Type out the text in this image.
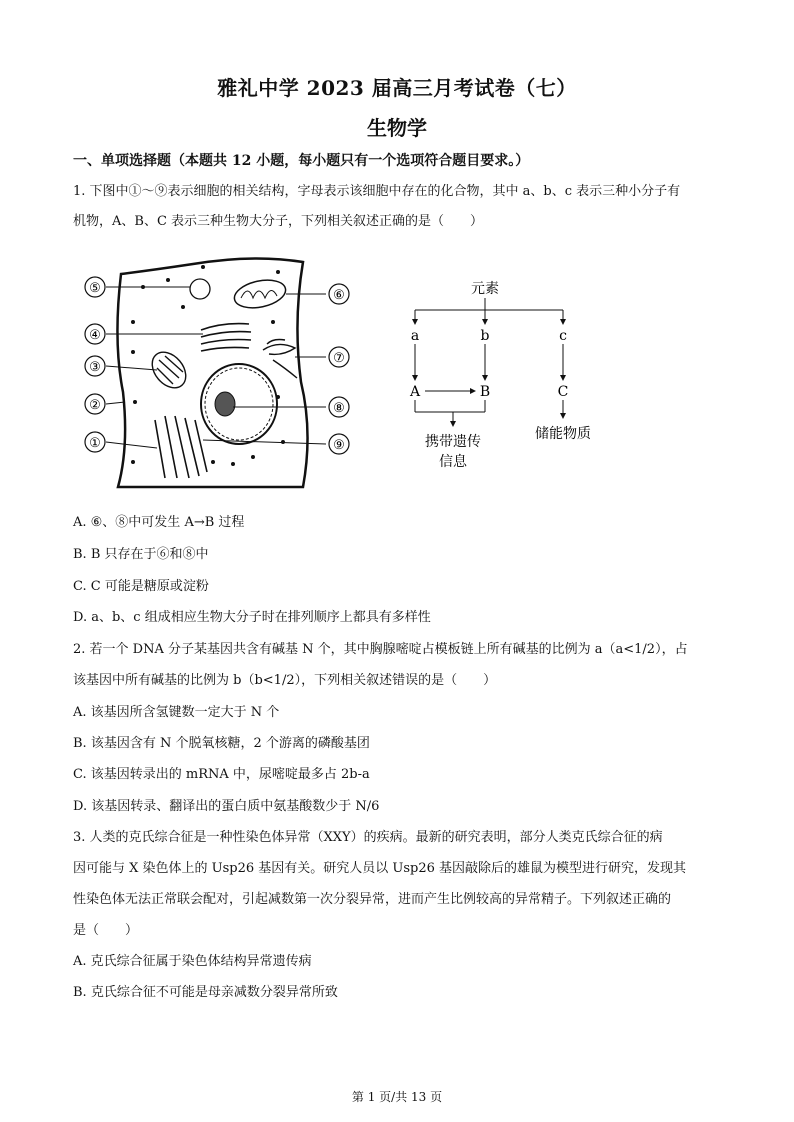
雅礼中学 2023 届高三月考试卷（七）
生物学
一、单项选择题（本题共 12 小题，每小题只有一个选项符合题目要求。）
1. 下图中①～⑨表示细胞的相关结构，字母表示该细胞中存在的化合物，其中 a、b、c 表示三种小分子有
机物，A、B、C 表示三种生物大分子，下列相关叙述正确的是（　　）
⑤
④
③
②
①
⑥
⑦
⑧
⑨
元素
a	b	c
A	B	C
携带遗传
信息
储能物质
A. ⑥、⑧中可发生 A→B 过程
B. B 只存在于⑥和⑧中
C. C 可能是糖原或淀粉
D. a、b、c 组成相应生物大分子时在排列顺序上都具有多样性
2. 若一个 DNA 分子某基因共含有碱基 N 个，其中胸腺嘧啶占模板链上所有碱基的比例为 a（a<1/2），占
该基因中所有碱基的比例为 b（b<1/2），下列相关叙述错误的是（　　）
A. 该基因所含氢键数一定大于 N 个
B. 该基因含有 N 个脱氧核糖，2 个游离的磷酸基团
C. 该基因转录出的 mRNA 中，尿嘧啶最多占 2b-a
D. 该基因转录、翻译出的蛋白质中氨基酸数少于 N/6
3. 人类的克氏综合征是一种性染色体异常（XXY）的疾病。最新的研究表明，部分人类克氏综合征的病
因可能与 X 染色体上的 Usp26 基因有关。研究人员以 Usp26 基因敲除后的雄鼠为模型进行研究，发现其
性染色体无法正常联会配对，引起减数第一次分裂异常，进而产生比例较高的异常精子。下列叙述正确的
是（　　）
A. 克氏综合征属于染色体结构异常遗传病
B. 克氏综合征不可能是母亲减数分裂异常所致
第 1 页/共 13 页
